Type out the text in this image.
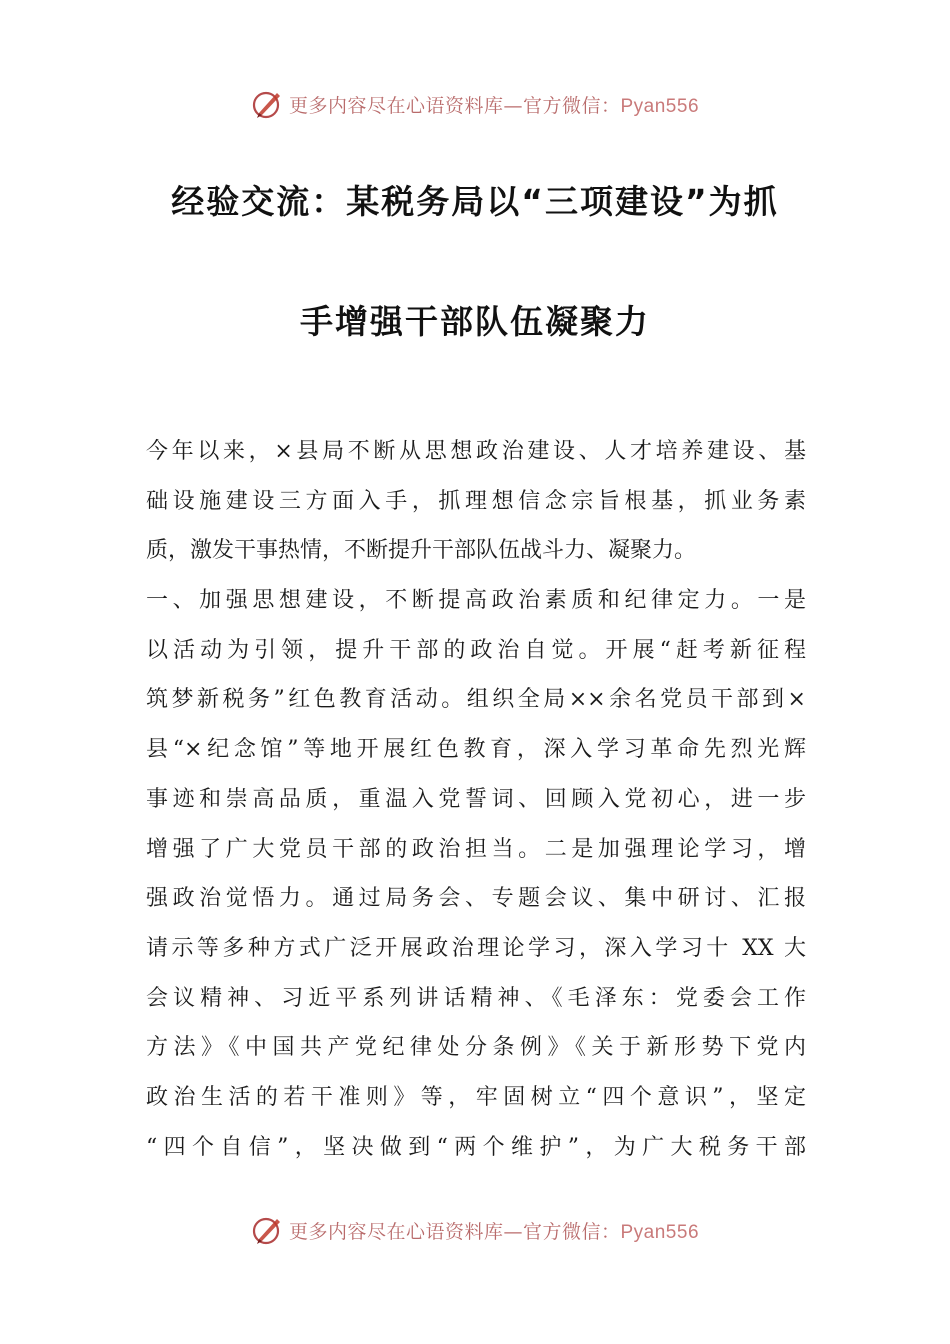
更多内容尽在心语资料库—官方微信：Pyan556
经验交流：某税务局以“三项建设”为抓
手增强干部队伍凝聚力
今年以来，×县局不断从思想政治建设、人才培养建设、基
础设施建设三方面入手，抓理想信念宗旨根基，抓业务素
质，激发干事热情，不断提升干部队伍战斗力、凝聚力。
一、加强思想建设，不断提高政治素质和纪律定力。一是
以活动为引领，提升干部的政治自觉。开展“赶考新征程
筑梦新税务”红色教育活动。组织全局××余名党员干部到×
县“×纪念馆”等地开展红色教育，深入学习革命先烈光辉
事迹和崇高品质，重温入党誓词、回顾入党初心，进一步
增强了广大党员干部的政治担当。二是加强理论学习，增
强政治觉悟力。通过局务会、专题会议、集中研讨、汇报
请示等多种方式广泛开展政治理论学习，深入学习十 XX 大
会议精神、习近平系列讲话精神、《毛泽东：党委会工作
方法》《中国共产党纪律处分条例》《关于新形势下党内
政治生活的若干准则》等，牢固树立“四个意识”，坚定
“四个自信”，坚决做到“两个维护”，为广大税务干部
更多内容尽在心语资料库—官方微信：Pyan556
